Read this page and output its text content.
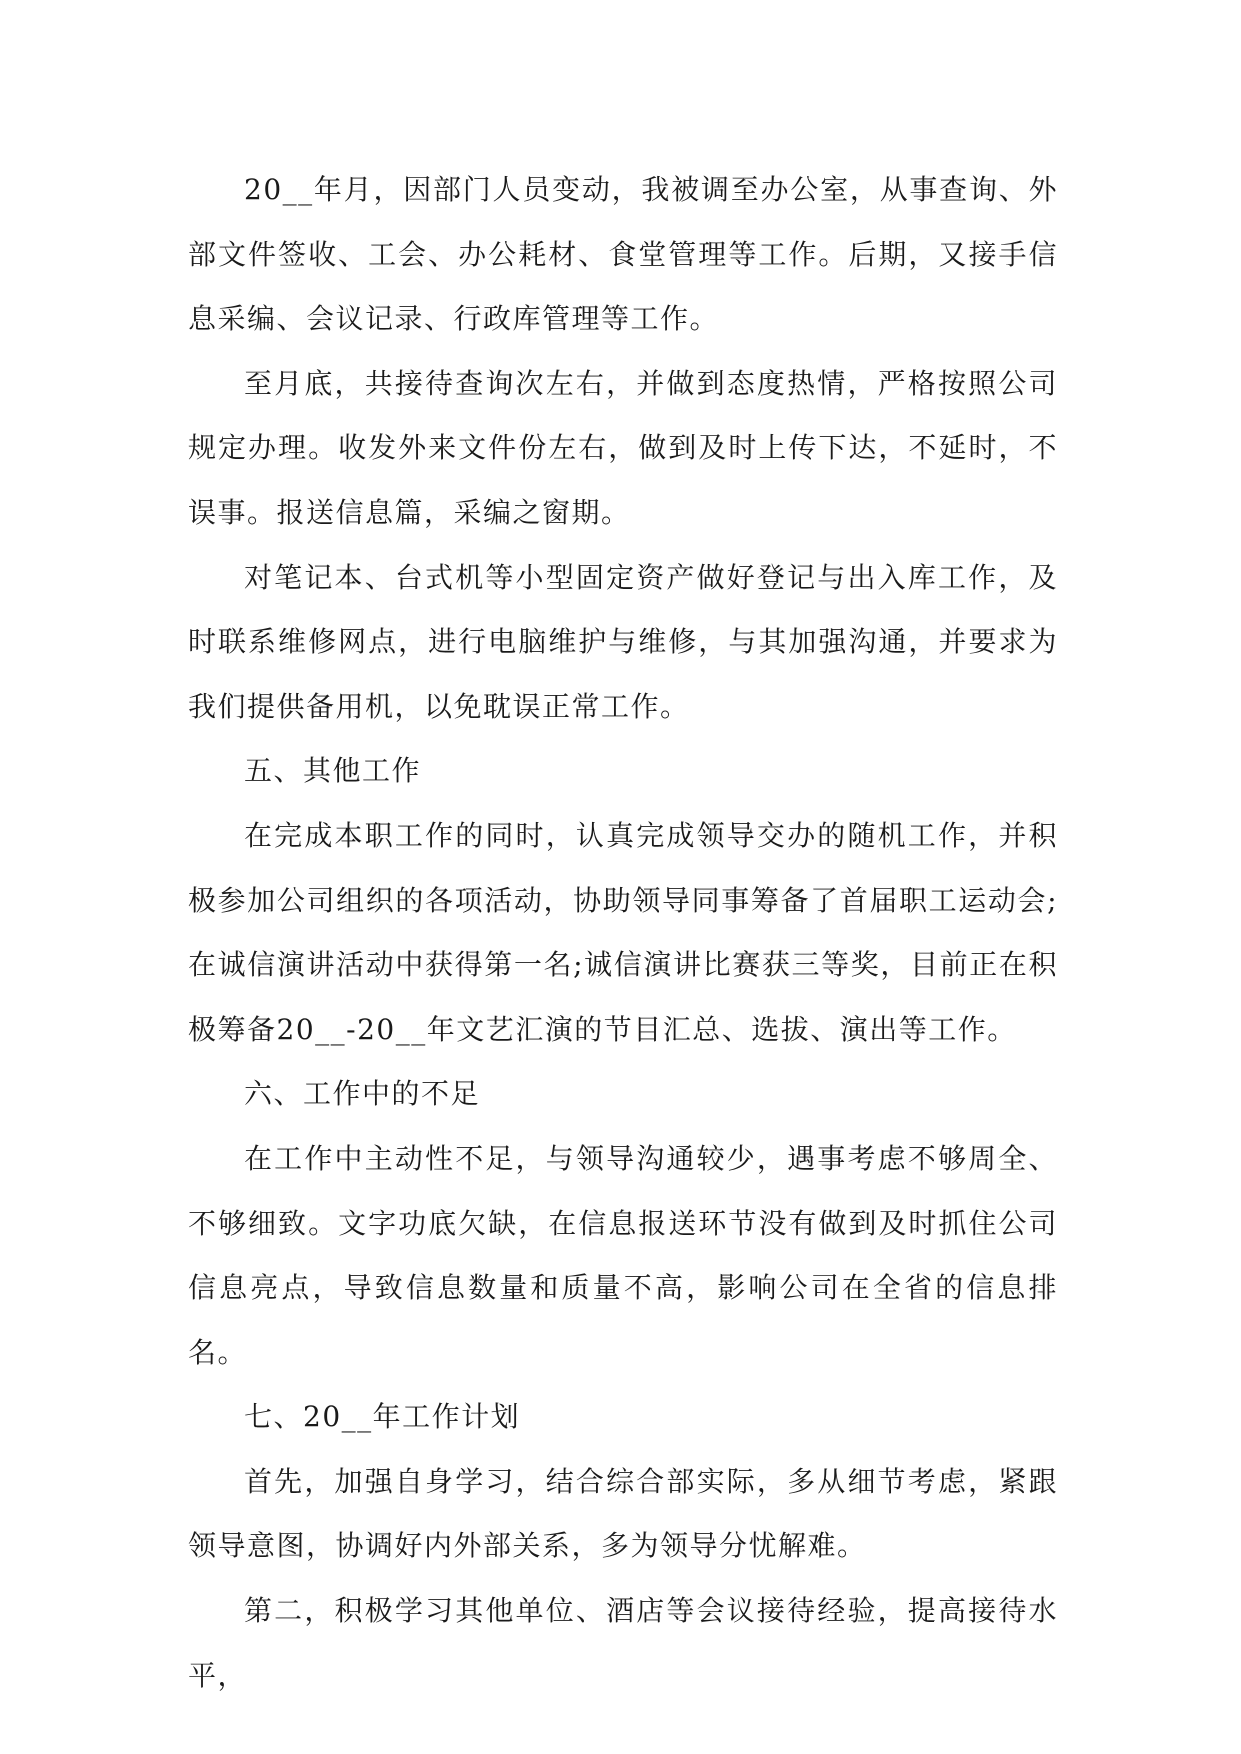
20__年月，因部门人员变动，我被调至办公室，从事查询、外部文件签收、工会、办公耗材、食堂管理等工作。后期，又接手信息采编、会议记录、行政库管理等工作。

至月底，共接待查询次左右，并做到态度热情，严格按照公司规定办理。收发外来文件份左右，做到及时上传下达，不延时，不误事。报送信息篇，采编之窗期。

对笔记本、台式机等小型固定资产做好登记与出入库工作，及时联系维修网点，进行电脑维护与维修，与其加强沟通，并要求为我们提供备用机，以免耽误正常工作。

五、其他工作

在完成本职工作的同时，认真完成领导交办的随机工作，并积极参加公司组织的各项活动，协助领导同事筹备了首届职工运动会;在诚信演讲活动中获得第一名;诚信演讲比赛获三等奖，目前正在积极筹备20__-20__年文艺汇演的节目汇总、选拔、演出等工作。

六、工作中的不足

在工作中主动性不足，与领导沟通较少，遇事考虑不够周全、不够细致。文字功底欠缺，在信息报送环节没有做到及时抓住公司信息亮点，导致信息数量和质量不高，影响公司在全省的信息排名。

七、20__年工作计划

首先，加强自身学习，结合综合部实际，多从细节考虑，紧跟领导意图，协调好内外部关系，多为领导分忧解难。

第二，积极学习其他单位、酒店等会议接待经验，提高接待水平，
